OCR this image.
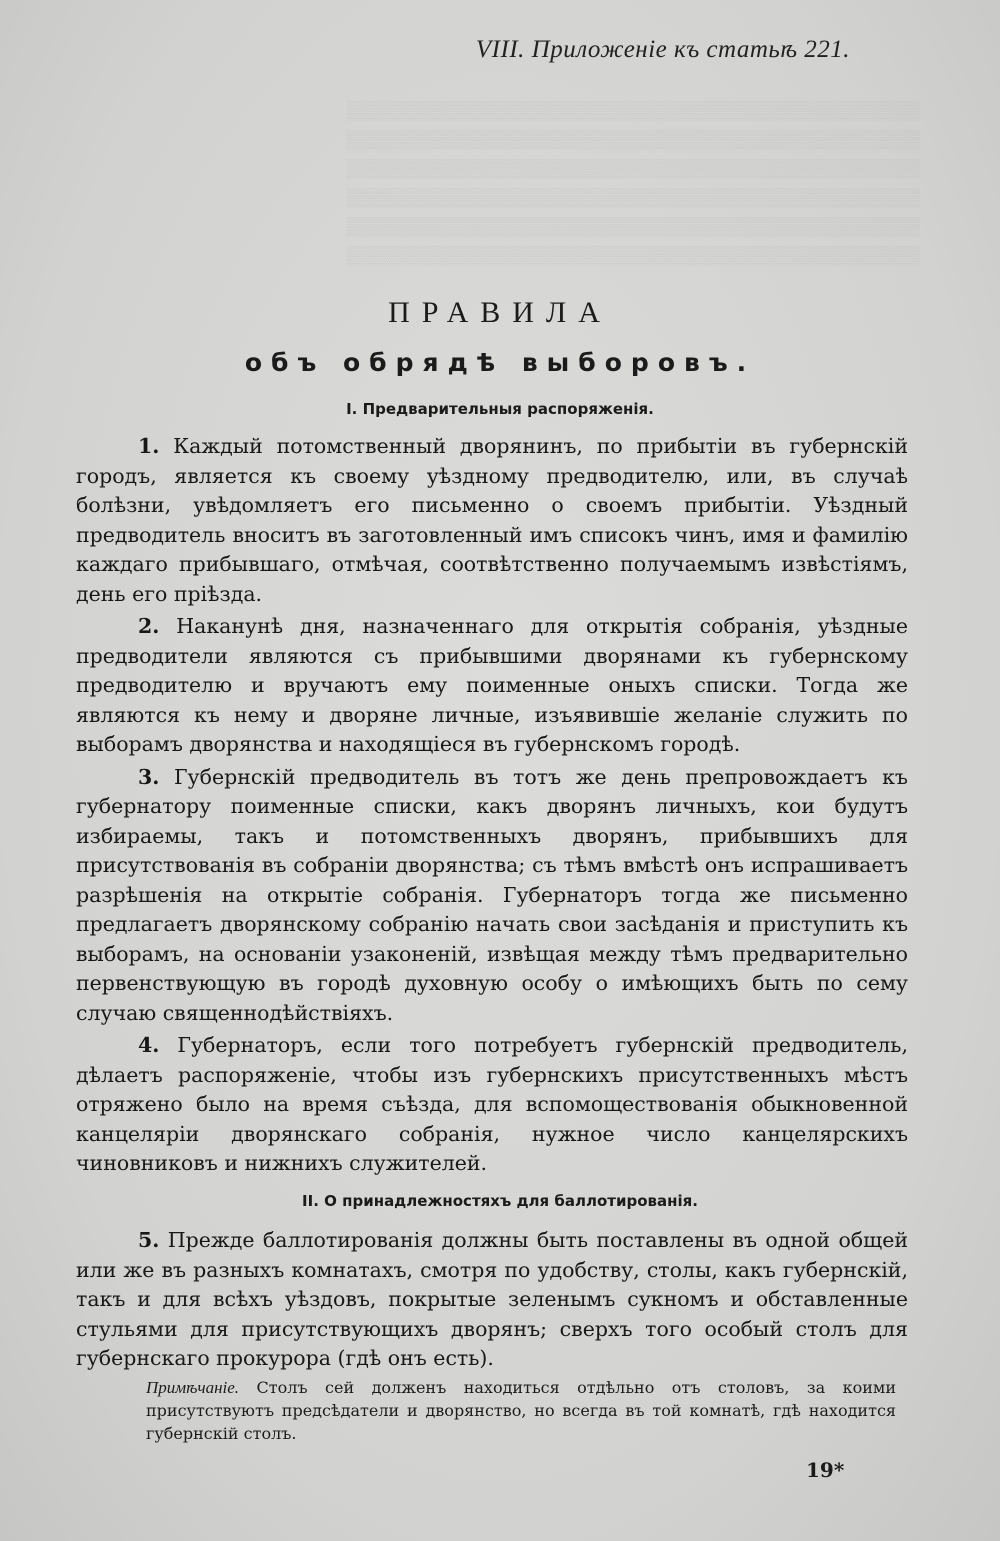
▒▒▒▒▒▒▒▒▒▒▒▒▒▒▒▒▒▒▒▒▒▒▒▒▒▒▒▒▒▒▒▒▒▒▒▒▒▒▒▒▒▒▒▒▒
▒▒▒▒▒▒▒▒▒▒▒▒▒▒▒▒▒▒▒▒▒▒▒▒▒▒▒▒▒▒▒▒▒▒▒▒▒▒▒▒▒▒▒▒▒
▒▒▒▒▒▒▒▒▒▒▒▒▒▒▒▒▒▒▒▒▒▒▒▒▒▒▒▒▒▒▒▒▒▒▒▒▒▒▒▒▒▒▒▒▒
▒▒▒▒▒▒▒▒▒▒▒▒▒▒▒▒▒▒▒▒▒▒▒▒▒▒▒▒▒▒▒▒▒▒▒▒▒▒▒▒▒▒▒▒▒
▒▒▒▒▒▒▒▒▒▒▒▒▒▒▒▒▒▒▒▒▒▒▒▒▒▒▒▒▒▒▒▒▒▒▒▒▒▒▒▒▒▒▒▒▒
▒▒▒▒▒▒▒▒▒▒▒▒▒▒▒▒▒▒▒▒▒▒▒▒▒▒▒▒▒▒▒▒▒▒▒▒▒▒▒▒▒▒▒▒▒
VIII. Приложеніе къ статьѣ 221.
ПРАВИЛА
объ обрядѣ выборовъ.
I. Предварительныя распоряженія.

1. Каждый потомственный дворянинъ, по прибытіи въ губернскій городъ, является къ своему уѣздному предводителю, или, въ случаѣ болѣзни, увѣдомляетъ его письменно о своемъ прибытіи. Уѣздный предводитель вноситъ въ заготовленный имъ списокъ чинъ, имя и фамилію каждаго прибывшаго, отмѣчая, соотвѣтственно получаемымъ извѣстіямъ, день его пріѣзда.

2. Наканунѣ дня, назначеннаго для открытія собранія, уѣздные предводители являются съ прибывшими дворянами къ губернскому предводителю и вручаютъ ему поименные оныхъ списки. Тогда же являются къ нему и дворяне личные, изъявившіе желаніе служить по выборамъ дворянства и находящіеся въ губернскомъ городѣ.

3. Губернскій предводитель въ тотъ же день препровождаетъ къ губернатору поименные списки, какъ дворянъ личныхъ, кои будутъ избираемы, такъ и потомственныхъ дворянъ, прибывшихъ для присутствованія въ собраніи дворянства; съ тѣмъ вмѣстѣ онъ испрашиваетъ разрѣшенія на открытіе собранія. Губернаторъ тогда же письменно предлагаетъ дворянскому собранію начать свои засѣданія и приступить къ выборамъ, на основаніи узаконеній, извѣщая между тѣмъ предварительно первенствующую въ городѣ духовную особу о имѣющихъ быть по сему случаю священнодѣйствіяхъ.

4. Губернаторъ, если того потребуетъ губернскій предводитель, дѣлаетъ распоряженіе, чтобы изъ губернскихъ присутственныхъ мѣстъ отряжено было на время съѣзда, для вспомоществованія обыкновенной канцеляріи дворянскаго собранія, нужное число канцелярскихъ чиновниковъ и нижнихъ служителей.

II. О принадлежностяхъ для баллотированія.

5. Прежде баллотированія должны быть поставлены въ одной общей или же въ разныхъ комнатахъ, смотря по удобству, столы, какъ губернскій, такъ и для всѣхъ уѣздовъ, покрытые зеленымъ сукномъ и обставленные стульями для присутствующихъ дворянъ; сверхъ того особый столъ для губернскаго прокурора (гдѣ онъ есть).

Примѣчаніе. Столъ сей долженъ находиться отдѣльно отъ столовъ, за коими присутствуютъ предсѣдатели и дворянство, но всегда въ той комнатѣ, гдѣ находится губернскій столъ.
19*
